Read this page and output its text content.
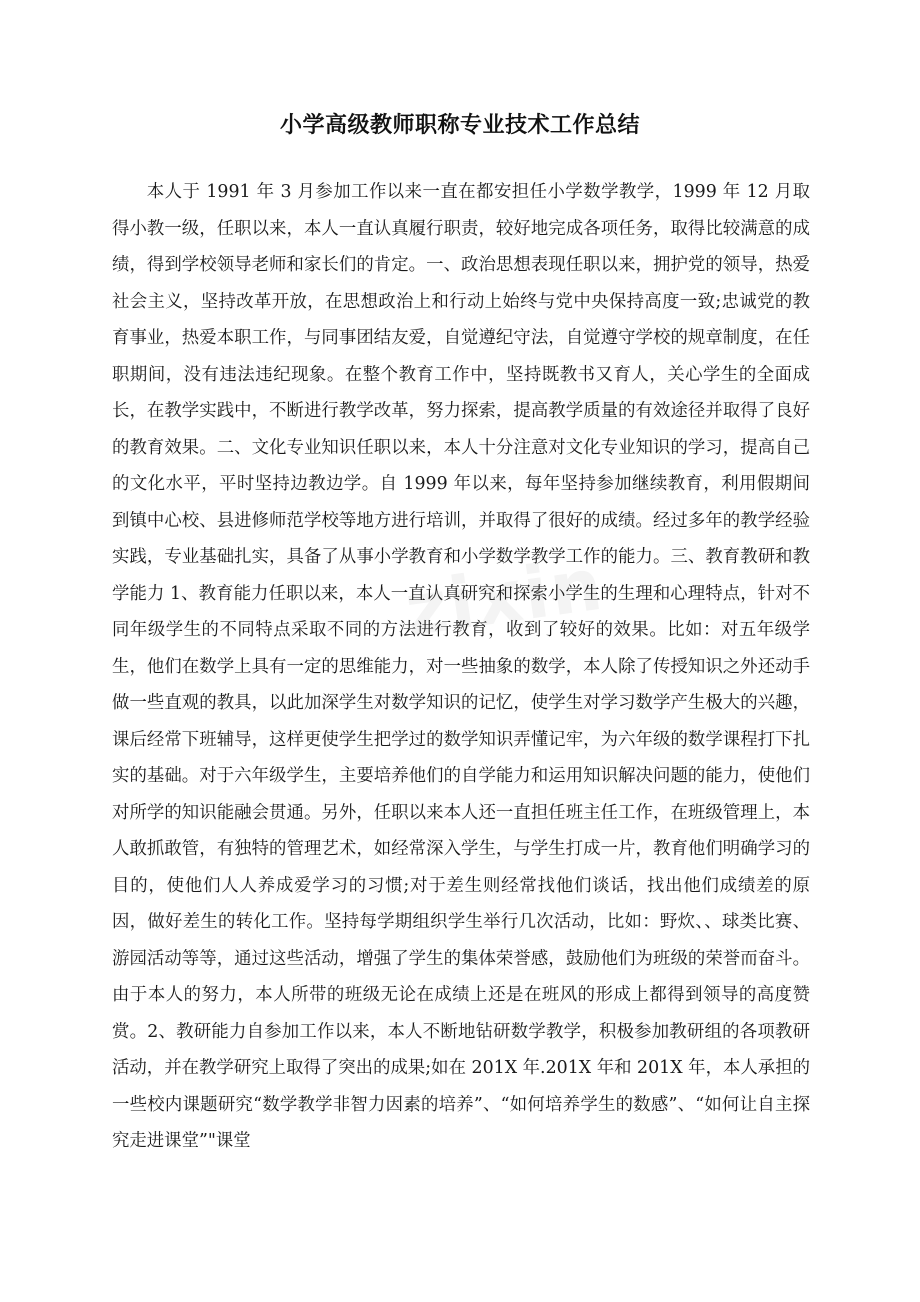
小学高级教师职称专业技术工作总结

本人于 1991 年 3 月参加工作以来一直在都安担任小学数学教学，1999 年 12 月取得小教一级，任职以来，本人一直认真履行职责，较好地完成各项任务，取得比较满意的成绩，得到学校领导老师和家长们的肯定。一、政治思想表现任职以来，拥护党的领导，热爱社会主义，坚持改革开放，在思想政治上和行动上始终与党中央保持高度一致;忠诚党的教育事业，热爱本职工作，与同事团结友爱，自觉遵纪守法，自觉遵守学校的规章制度，在任职期间，没有违法违纪现象。在整个教育工作中，坚持既教书又育人，关心学生的全面成长，在教学实践中，不断进行教学改革，努力探索，提高教学质量的有效途径并取得了良好的教育效果。二、文化专业知识任职以来，本人十分注意对文化专业知识的学习，提高自己的文化水平，平时坚持边教边学。自 1999 年以来，每年坚持参加继续教育，利用假期间到镇中心校、县进修师范学校等地方进行培训，并取得了很好的成绩。经过多年的教学经验实践，专业基础扎实，具备了从事小学教育和小学数学教学工作的能力。三、教育教研和教学能力 1、教育能力任职以来，本人一直认真研究和探索小学生的生理和心理特点，针对不同年级学生的不同特点采取不同的方法进行教育，收到了较好的效果。比如：对五年级学生，他们在数学上具有一定的思维能力，对一些抽象的数学，本人除了传授知识之外还动手做一些直观的教具，以此加深学生对数学知识的记忆，使学生对学习数学产生极大的兴趣，课后经常下班辅导，这样更使学生把学过的数学知识弄懂记牢，为六年级的数学课程打下扎实的基础。对于六年级学生，主要培养他们的自学能力和运用知识解决问题的能力，使他们对所学的知识能融会贯通。另外，任职以来本人还一直担任班主任工作，在班级管理上，本人敢抓敢管，有独特的管理艺术，如经常深入学生，与学生打成一片，教育他们明确学习的目的，使他们人人养成爱学习的习惯;对于差生则经常找他们谈话，找出他们成绩差的原因，做好差生的转化工作。坚持每学期组织学生举行几次活动，比如：野炊、、球类比赛、游园活动等等，通过这些活动，增强了学生的集体荣誉感，鼓励他们为班级的荣誉而奋斗。由于本人的努力，本人所带的班级无论在成绩上还是在班风的形成上都得到领导的高度赞赏。2、教研能力自参加工作以来，本人不断地钻研数学教学，积极参加教研组的各项教研活动，并在教学研究上取得了突出的成果;如在 201X 年.201X 年和 201X 年，本人承担的一些校内课题研究“数学教学非智力因素的培养”、“如何培养学生的数感”、“如何让自主探究走进课堂”"课堂

zixin
